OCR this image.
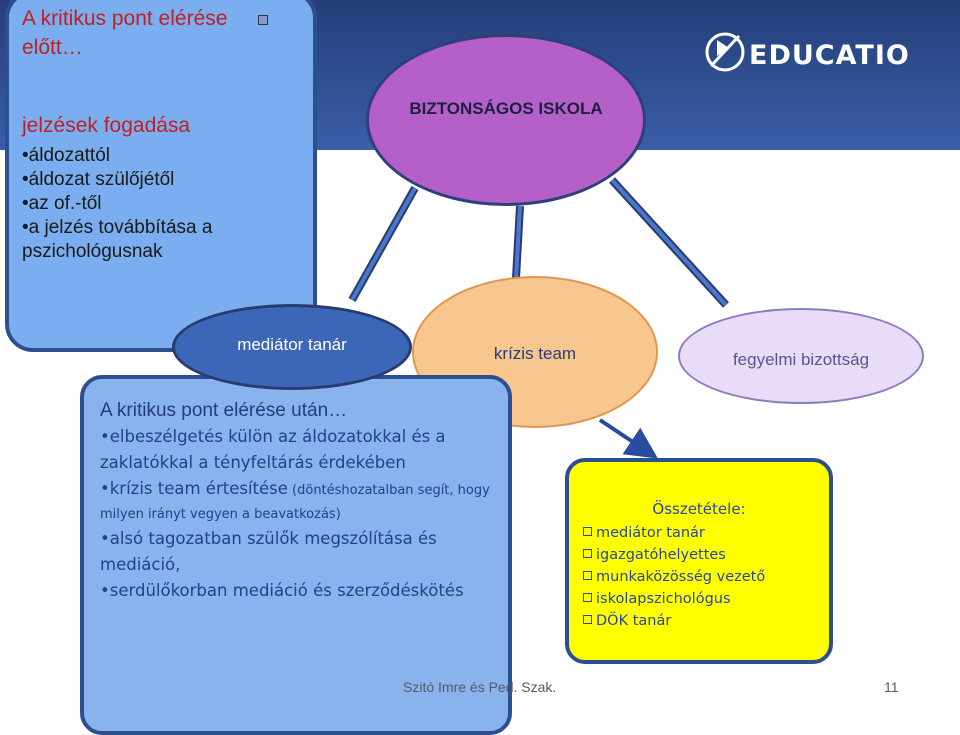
EDUCATIO
A kritikus pont elérése előtt…
jelzések fogadása
•áldozattól
•áldozat szülőjétől
•az of.-től
•a jelzés továbbítása a pszichológusnak
BIZTONSÁGOS ISKOLA
krízis team

A kritikus pont elérése után…

•elbeszélgetés külön az áldozatokkal és a zaklatókkal a tényfeltárás érdekében

•krízis team értesítése (döntéshozatalban segít, hogy milyen irányt vegyen a beavatkozás)

•alsó tagozatban szülők megszólítása és mediáció,

•serdülőkorban mediáció és szerződéskötés

mediátor tanár
fegyelmi bizottság
Összetétele:
mediátor tanár
igazgatóhelyettes
munkaközösség vezető
iskolapszichológus
DÖK tanár
Szitó Imre és Ped. Szak.	11
